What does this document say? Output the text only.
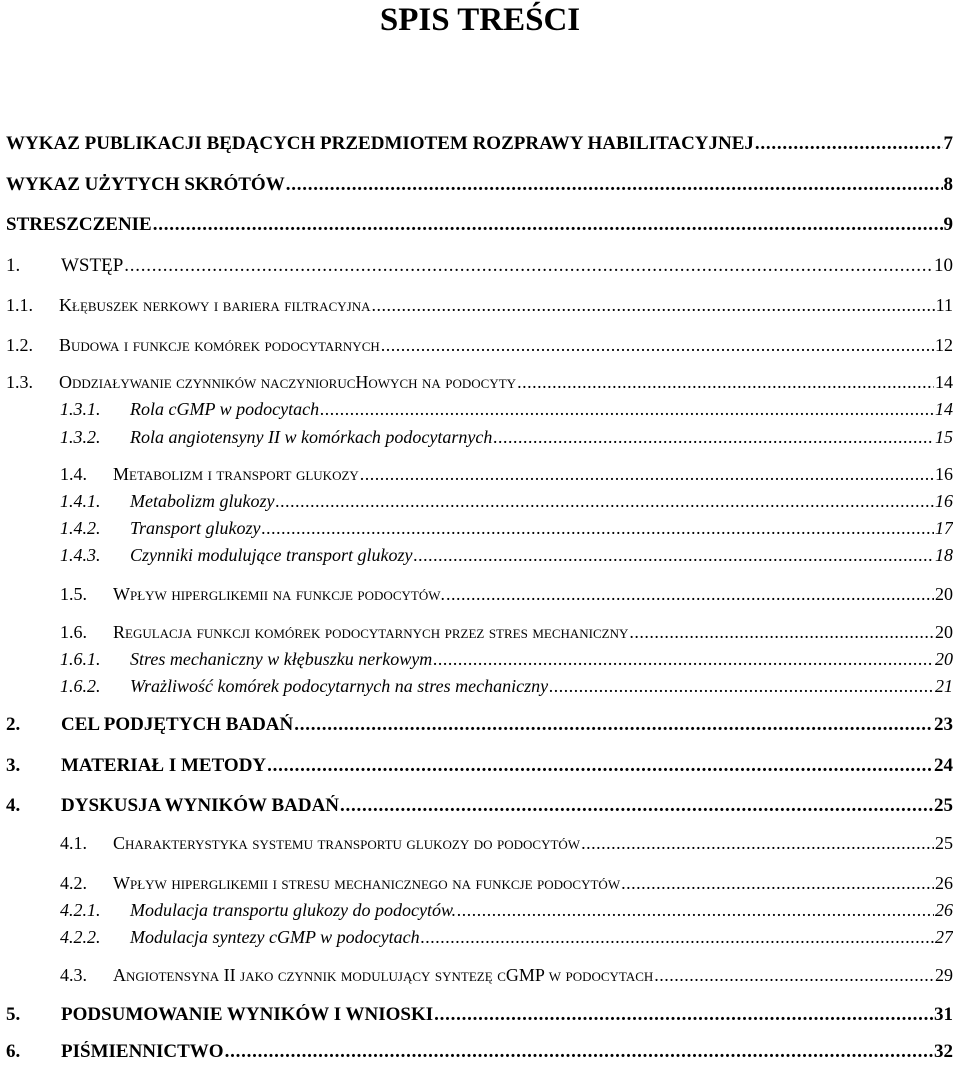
SPIS TREŚCI
WYKAZ PUBLIKACJI BĘDĄCYCH PRZEDMIOTEM ROZPRAWY HABILITACYJNEJ . . .	7
WYKAZ UŻYTYCH SKRÓTÓW . . .	8
STRESZCZENIE . . .	9
1.	WSTĘP . . .	10
1.1.	Kłębuszek nerkowy i bariera filtracyjna . . .	11
1.2.	Budowa i funkcje komórek podocytarnych . . .	12
1.3.	Oddziaływanie czynników naczyniorucHowych na podocyty . . .	14
1.3.1.	Rola cGMP w podocytach . . .	14
1.3.2.	Rola angiotensyny II w komórkach podocytarnych . . .	15
1.4.	Metabolizm i transport glukozy . . .	16
1.4.1.	Metabolizm glukozy . . .	16
1.4.2.	Transport glukozy . . .	17
1.4.3.	Czynniki modulujące transport glukozy . . .	18
1.5.	Wpływ hiperglikemii na funkcje podocytów. . . .	20
1.6.	Regulacja funkcji komórek podocytarnych przez stres mechaniczny . . .	20
1.6.1.	Stres mechaniczny w kłębuszku nerkowym . . .	20
1.6.2.	Wrażliwość komórek podocytarnych na stres mechaniczny . . .	21
2.	CEL PODJĘTYCH BADAŃ . . .	23
3.	MATERIAŁ I METODY . . .	24
4.	DYSKUSJA WYNIKÓW BADAŃ . . .	25
4.1.	Charakterystyka systemu transportu glukozy do podocytów . . .	25
4.2.	Wpływ hiperglikemii i stresu mechanicznego na funkcje podocytów . . .	26
4.2.1.	Modulacja transportu glukozy do podocytów. . . .	26
4.2.2.	Modulacja syntezy cGMP w podocytach . . .	27
4.3.	Angiotensyna II jako czynnik modulujący syntezę cGMP w podocytach . . .	29
5.	PODSUMOWANIE WYNIKÓW I WNIOSKI . . .	31
6.	PIŚMIENNICTWO . . .	32
